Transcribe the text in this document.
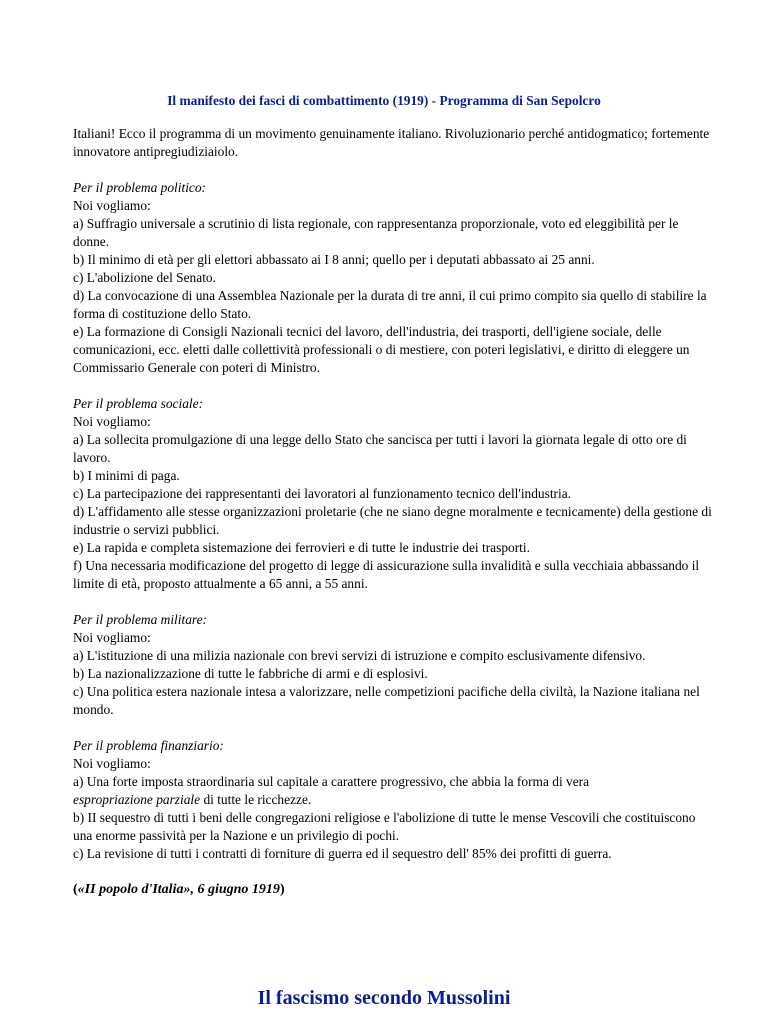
Il manifesto dei fasci di combattimento (1919) - Programma di San Sepolcro

Italiani! Ecco il programma di un movimento genuinamente italiano. Rivoluzionario perché antidogmatico; fortemente innovatore antipregiudiziaiolo.

Per il problema politico:

Noi vogliamo:

a) Suffragio universale a scrutinio di lista regionale, con rappresentanza proporzionale, voto ed eleggibilità per le donne.

b) Il minimo di età per gli elettori abbassato ai I 8 anni; quello per i deputati abbassato ai 25 anni.

c) L'abolizione del Senato.

d) La convocazione di una Assemblea Nazionale per la durata di tre anni, il cui primo compito sia quello di stabilire la forma di costituzione dello Stato.

e) La formazione di Consigli Nazionali tecnici del lavoro, dell'industria, dei trasporti, dell'igiene sociale, delle comunicazioni, ecc. eletti dalle collettività professionali o di mestiere, con poteri legislativi, e diritto di eleggere un Commissario Generale con poteri di Ministro.

Per il problema sociale:

Noi vogliamo:

a) La sollecita promulgazione di una legge dello Stato che sancisca per tutti i lavori la giornata legale di otto ore di lavoro.

b) I minimi di paga.

c) La partecipazione dei rappresentanti dei lavoratori al funzionamento tecnico dell'industria.

d) L'affidamento alle stesse organizzazioni proletarie (che ne siano degne moralmente e tecnicamente) della gestione di industrie o servizi pubblici.

e) La rapida e completa sistemazione dei ferrovieri e di tutte le industrie dei trasporti.

f) Una necessaria modificazione del progetto di legge di assicurazione sulla invalidità e sulla vecchiaia abbassando il limite di età, proposto attualmente a 65 anni, a 55 anni.

Per il problema militare:

Noi vogliamo:

a) L'istituzione di una milizia nazionale con brevi servizi di istruzione e compito esclusivamente difensivo.

b) La nazionalizzazione di tutte le fabbriche di armi e di esplosivi.

c) Una politica estera nazionale intesa a valorizzare, nelle competizioni pacifiche della civiltà, la Nazione italiana nel mondo.

Per il problema finanziario:

Noi vogliamo:

a) Una forte imposta straordinaria sul capitale a carattere progressivo, che abbia la forma di vera
espropriazione parziale di tutte le ricchezze.

b) II sequestro di tutti i beni delle congregazioni religiose e l'abolizione di tutte le mense Vescovili che costituiscono una enorme passività per la Nazione e un privilegio di pochi.

c) La revisione di tutti i contratti di forniture di guerra ed il sequestro dell' 85% dei profitti di guerra.

(«II popolo d'Italia», 6 giugno 1919)

Il fascismo secondo Mussolini
